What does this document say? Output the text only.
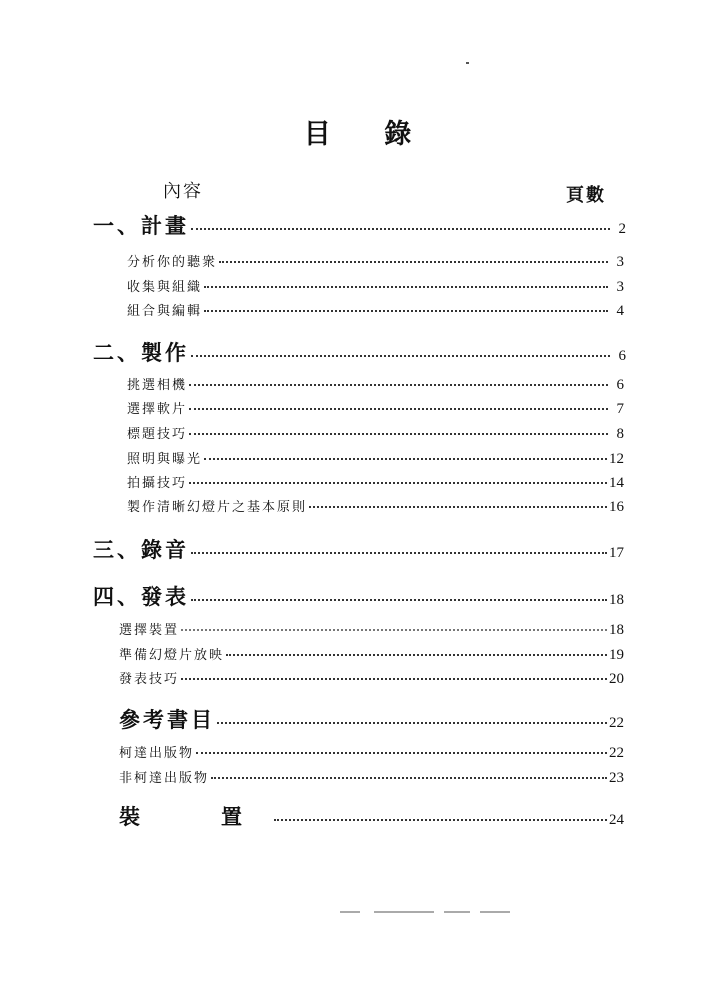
目 錄
內容	頁數
一、計畫	2
分析你的聽衆	3
收集與組織	3
組合與編輯	4
二、製作	6
挑選相機	6
選擇軟片	7
標題技巧	8
照明與曝光	12
拍攝技巧	14
製作清晰幻燈片之基本原則	16
三、錄音	17
四、發表	18
選擇裝置	18
準備幻燈片放映	19
發表技巧	20
參考書目	22
柯達出版物	22
非柯達出版物	23
裝　置	24
